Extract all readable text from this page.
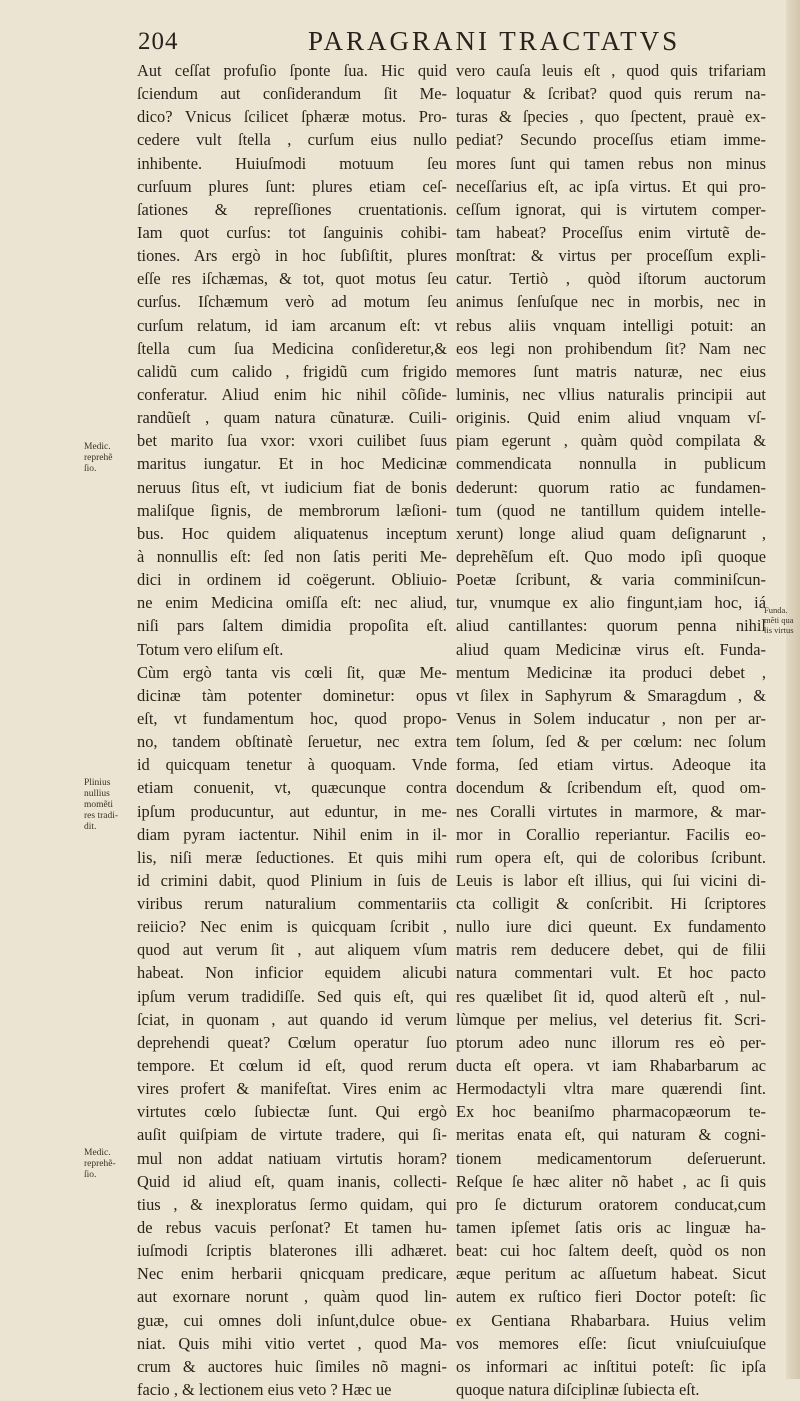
204	PARAGRANI TRACTATVS
Aut ceſſat profuſio ſponte ſua. Hic quid
ſciendum aut conſiderandum ſit Me-
dico? Vnicus ſcilicet ſphæræ motus. Pro-
cedere vult ſtella , curſum eius nullo
inhibente. Huiuſmodi motuum ſeu
curſuum plures ſunt: plures etiam ceſ-
ſationes & repreſſiones cruentationis.
Iam quot curſus: tot ſanguinis cohibi-
tiones. Ars ergò in hoc ſubſiſtit, plures
eſſe res iſchæmas, & tot, quot motus ſeu
curſus. Iſchæmum verò ad motum ſeu
curſum relatum, id iam arcanum eſt: vt
ſtella cum ſua Medicina conſideretur,&
calidũ cum calido , frigidũ cum frigido
conferatur. Aliud enim hic nihil cõſide-
randũeſt , quam natura cũnaturæ. Cuili-
bet marito ſua vxor: vxori cuilibet ſuus
maritus iungatur. Et in hoc Medicinæ
neruus ſitus eſt, vt iudicium fiat de bonis
maliſque ſignis, de membrorum læſioni-
bus. Hoc quidem aliquatenus inceptum
à nonnullis eſt: ſed non ſatis periti Me-
dici in ordinem id coëgerunt. Obliuio-
ne enim Medicina omiſſa eſt: nec aliud,
niſi pars ſaltem dimidia propoſita eſt.
Totum vero eliſum eſt.
Cùm ergò tanta vis cœli ſit, quæ Me-
dicinæ tàm potenter dominetur: opus
eſt, vt fundamentum hoc, quod propo-
no, tandem obſtinatè ſeruetur, nec extra
id quicquam tenetur à quoquam. Vnde
etiam conuenit, vt, quæcunque contra
ipſum producuntur, aut eduntur, in me-
diam pyram iactentur. Nihil enim in il-
lis, niſi meræ ſeductiones. Et quis mihi
id crimini dabit, quod Plinium in ſuis de
viribus rerum naturalium commentariis
reiicio? Nec enim is quicquam ſcribit ,
quod aut verum ſit , aut aliquem vſum
habeat. Non inficior equidem alicubi
ipſum verum tradidiſſe. Sed quis eſt, qui
ſciat, in quonam , aut quando id verum
deprehendi queat? Cœlum operatur ſuo
tempore. Et cœlum id eſt, quod rerum
vires profert & manifeſtat. Vires enim ac
virtutes cœlo ſubiectæ ſunt. Qui ergò
auſit quiſpiam de virtute tradere, qui ſi-
mul non addat natiuam virtutis horam?
Quid id aliud eſt, quam inanis, collecti-
tius , & inexploratus ſermo quidam, qui
de rebus vacuis perſonat? Et tamen hu-
iuſmodi ſcriptis blaterones illi adhæret.
Nec enim herbarii qnicquam predicare,
aut exornare norunt , quàm quod lin-
guæ, cui omnes doli inſunt,dulce obue-
niat. Quis mihi vitio vertet , quod Ma-
crum & auctores huic ſimiles nõ magni-
facio , & lectionem eius veto ? Hæc ue
vero cauſa leuis eſt , quod quis trifariam
loquatur & ſcribat? quod quis rerum na-
turas & ſpecies , quo ſpectent, prauè ex-
pediat? Secundo proceſſus etiam imme-
mores ſunt qui tamen rebus non minus
neceſſarius eſt, ac ipſa virtus. Et qui pro-
ceſſum ignorat, qui is virtutem comper-
tam habeat? Proceſſus enim virtutẽ de-
monſtrat: & virtus per proceſſum expli-
catur. Tertiò , quòd iſtorum auctorum
animus ſenſuſque nec in morbis, nec in
rebus aliis vnquam intelligi potuit: an
eos legi non prohibendum ſit? Nam nec
memores ſunt matris naturæ, nec eius
luminis, nec vllius naturalis principii aut
originis. Quid enim aliud vnquam vſ-
piam egerunt , quàm quòd compilata &
commendicata nonnulla in publicum
dederunt: quorum ratio ac fundamen-
tum (quod ne tantillum quidem intelle-
xerunt) longe aliud quam deſignarunt ,
deprehẽſum eſt. Quo modo ipſi quoque
Poetæ ſcribunt, & varia comminiſcun-
tur, vnumque ex alio fingunt,iam hoc, iá
aliud cantillantes: quorum penna nihil
aliud quam Medicinæ virus eſt. Funda-
mentum Medicinæ ita produci debet ,
vt ſilex in Saphyrum & Smaragdum , &
Venus in Solem inducatur , non per ar-
tem ſolum, ſed & per cœlum: nec ſolum
forma, ſed etiam virtus. Adeoque ita
docendum & ſcribendum eſt, quod om-
nes Coralli virtutes in marmore, & mar-
mor in Corallio reperiantur. Facilis eo-
rum opera eſt, qui de coloribus ſcribunt.
Leuis is labor eſt illius, qui ſui vicini di-
cta colligit & conſcribit. Hi ſcriptores
nullo iure dici queunt. Ex fundamento
matris rem deducere debet, qui de filii
natura commentari vult. Et hoc pacto
res quælibet ſit id, quod alterũ eſt , nul-
lùmque per melius, vel deterius fit. Scri-
ptorum adeo nunc illorum res eò per-
ducta eſt opera. vt iam Rhabarbarum ac
Hermodactyli vltra mare quærendi ſint.
Ex hoc beaniſmo pharmacopæorum te-
meritas enata eſt, qui naturam & cogni-
tionem medicamentorum deſeruerunt.
Reſque ſe hæc aliter nõ habet , ac ſi quis
pro ſe dicturum oratorem conducat,cum
tamen ipſemet ſatis oris ac linguæ ha-
beat: cui hoc ſaltem deeſt, quòd os non
æque peritum ac aſſuetum habeat. Sicut
autem ex ruſtico fieri Doctor poteſt: ſic
ex Gentiana Rhabarbara. Huius velim
vos memores eſſe: ſicut vniuſcuiuſque
os informari ac inſtitui poteſt: ſic ipſa
quoque natura diſciplinæ ſubiecta eſt.
Medic.
reprehẽ
ſio.
Plinius
nullius
momẽti
res tradi-
dit.
Medic.
reprehẽ-
ſio.
Funda.
mẽti qua
lis virtus
